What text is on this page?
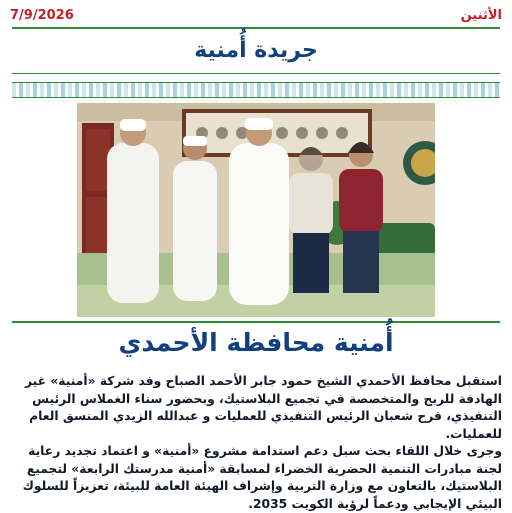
7/9/2026	الأثنين
جريدة أُمنية
أُمنية محافظة الأحمدي

استقبل محافظ الأحمدي الشيخ حمود جابر الأحمد الصباح وفد شركة «أمنية» غير الهادفة للربح والمتخصصة في تجميع البلاستيك، وبحضور سناء الغملاس الرئيس التنفيذي، فرح شعبان الرئيس التنفيذي للعمليات و عبدالله الزيدي المنسق العام للعمليات.

وجرى خلال اللقاء بحث سبل دعم استدامة مشروع «أمنية» و اعتماد تجديد رعاية لجنة مبادرات التنمية الحضرية الخضراء لمسابقة «أمنية مدرستك الرابعة» لتجميع البلاستيك، بالتعاون مع وزارة التربية وإشراف الهيئة العامة للبيئة، تعزيزاً للسلوك البيئي الإيجابي ودعماً لرؤية الكويت 2035.
